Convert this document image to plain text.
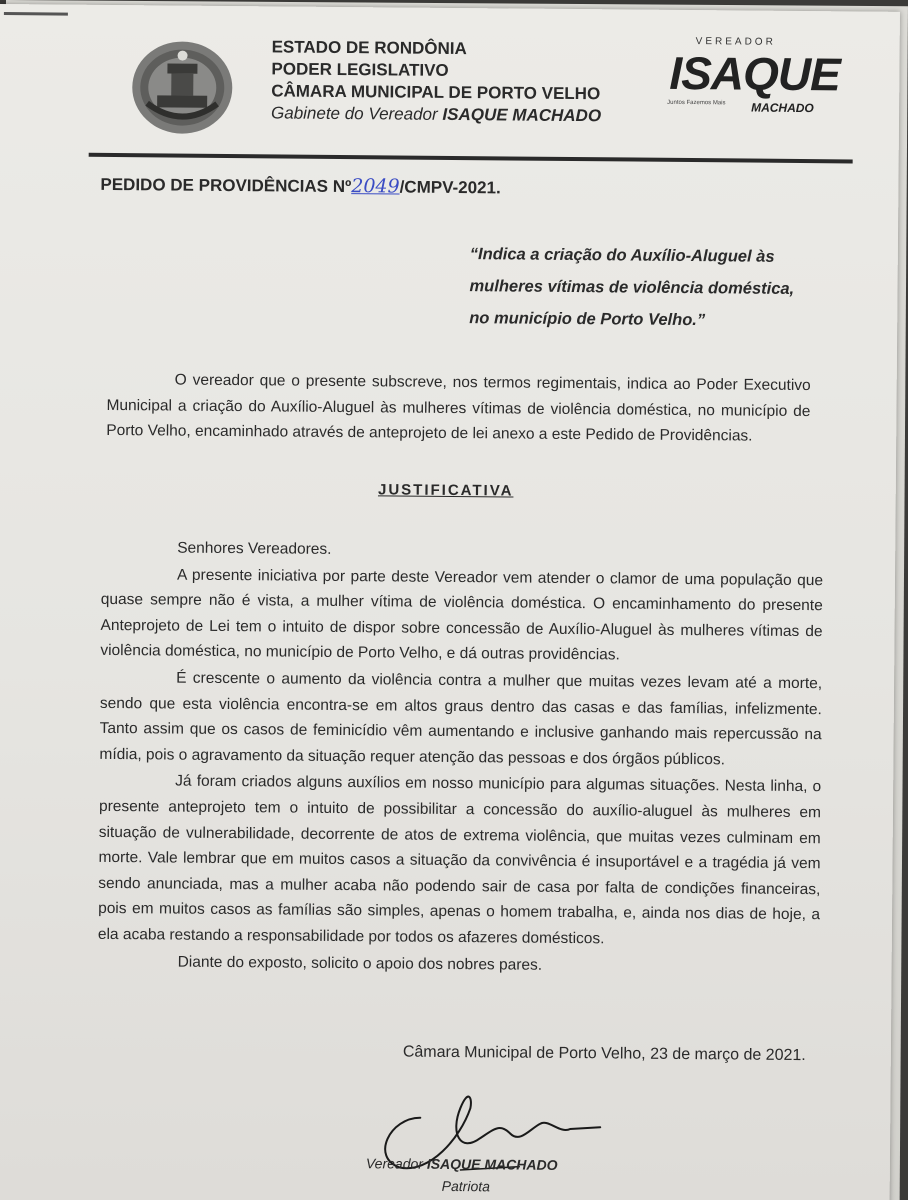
ESTADO DE RONDÔNIA
PODER LEGISLATIVO
CÂMARA MUNICIPAL DE PORTO VELHO
Gabinete do Vereador ISAQUE MACHADO
VEREADOR
ISAQUE
Juntos Fazemos Mais MACHADO
PEDIDO DE PROVIDÊNCIAS Nº2049/CMPV-2021.
“Indica a criação do Auxílio-Aluguel às mulheres vítimas de violência doméstica, no município de Porto Velho.”
O vereador que o presente subscreve, nos termos regimentais, indica ao Poder Executivo Municipal a criação do Auxílio-Aluguel às mulheres vítimas de violência doméstica, no município de Porto Velho, encaminhado através de anteprojeto de lei anexo a este Pedido de Providências.
JUSTIFICATIVA

Senhores Vereadores.

A presente iniciativa por parte deste Vereador vem atender o clamor de uma população que quase sempre não é vista, a mulher vítima de violência doméstica. O encaminhamento do presente Anteprojeto de Lei tem o intuito de dispor sobre concessão de Auxílio-Aluguel às mulheres vítimas de violência doméstica, no município de Porto Velho, e dá outras providências.

É crescente o aumento da violência contra a mulher que muitas vezes levam até a morte, sendo que esta violência encontra-se em altos graus dentro das casas e das famílias, infelizmente. Tanto assim que os casos de feminicídio vêm aumentando e inclusive ganhando mais repercussão na mídia, pois o agravamento da situação requer atenção das pessoas e dos órgãos públicos.

Já foram criados alguns auxílios em nosso município para algumas situações. Nesta linha, o presente anteprojeto tem o intuito de possibilitar a concessão do auxílio-aluguel às mulheres em situação de vulnerabilidade, decorrente de atos de extrema violência, que muitas vezes culminam em morte. Vale lembrar que em muitos casos a situação da convivência é insuportável e a tragédia já vem sendo anunciada, mas a mulher acaba não podendo sair de casa por falta de condições financeiras, pois em muitos casos as famílias são simples, apenas o homem trabalha, e, ainda nos dias de hoje, a ela acaba restando a responsabilidade por todos os afazeres domésticos.

Diante do exposto, solicito o apoio dos nobres pares.

Câmara Municipal de Porto Velho, 23 de março de 2021.
Vereador ISAQUE MACHADO
Patriota
